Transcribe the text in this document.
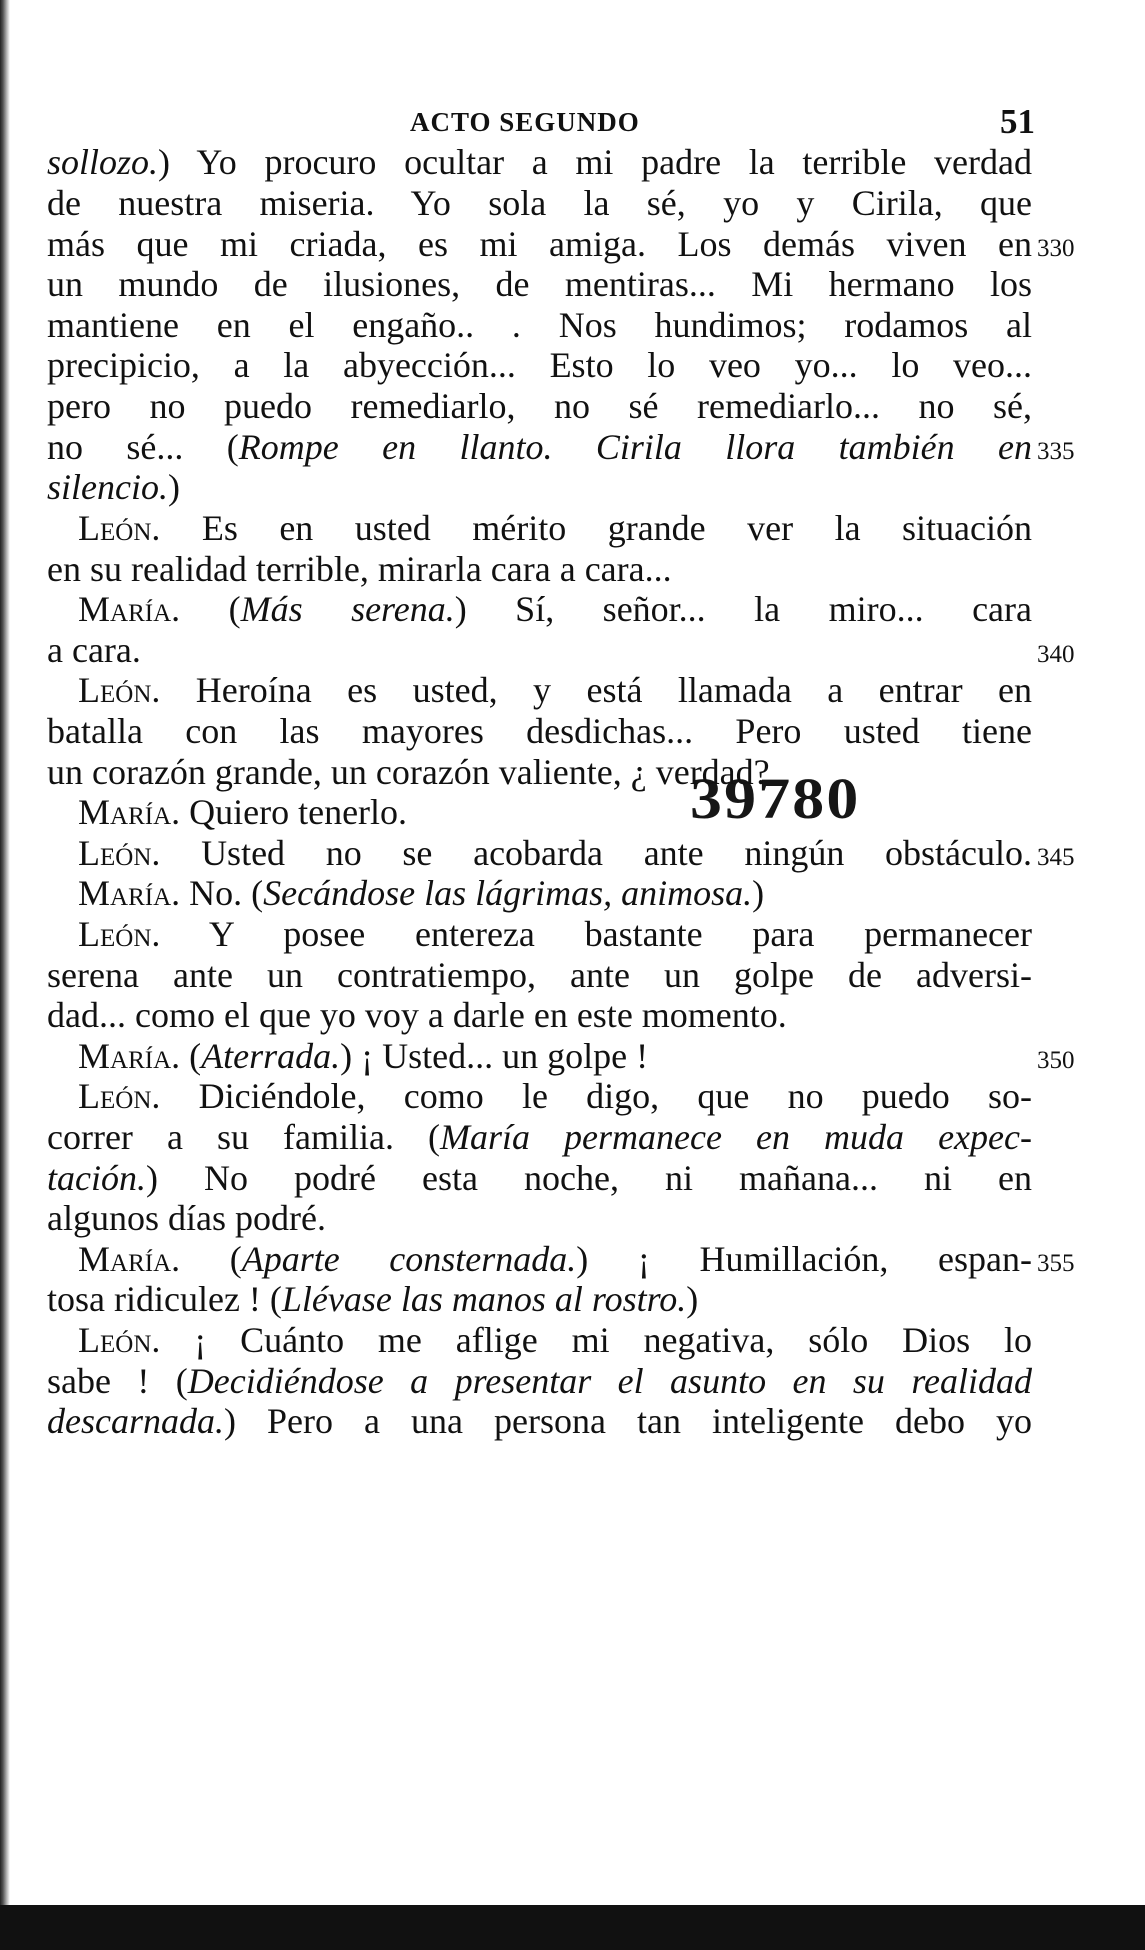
ACTO SEGUNDO	51
39780
sollozo.) Yo procuro ocultar a mi padre la terrible verdad
de nuestra miseria. Yo sola la sé, yo y Cirila, que
más que mi criada, es mi amiga. Los demás viven en
un mundo de ilusiones, de mentiras... Mi hermano los
mantiene en el engaño.. . Nos hundimos; rodamos al
precipicio, a la abyección... Esto lo veo yo... lo veo...
pero no puedo remediarlo, no sé remediarlo... no sé,
no sé... (Rompe en llanto. Cirila llora también en
silencio.)
León. Es en usted mérito grande ver la situación
en su realidad terrible, mirarla cara a cara...
María. (Más serena.) Sí, señor... la miro... cara
a cara.
León. Heroína es usted, y está llamada a entrar en
batalla con las mayores desdichas... Pero usted tiene
un corazón grande, un corazón valiente, ¿ verdad?
María. Quiero tenerlo.
León. Usted no se acobarda ante ningún obstáculo.
María. No. (Secándose las lágrimas, animosa.)
León. Y posee entereza bastante para permanecer
serena ante un contratiempo, ante un golpe de adversi-
dad... como el que yo voy a darle en este momento.
María. (Aterrada.) ¡ Usted... un golpe !
León. Diciéndole, como le digo, que no puedo so-
correr a su familia. (María permanece en muda expec-
tación.) No podré esta noche, ni mañana... ni en
algunos días podré.
María. (Aparte consternada.) ¡ Humillación, espan-
tosa ridiculez ! (Llévase las manos al rostro.)
León. ¡ Cuánto me aflige mi negativa, sólo Dios lo
sabe ! (Decidiéndose a presentar el asunto en su realidad
descarnada.) Pero a una persona tan inteligente debo yo
330
335
340
345
350
355
